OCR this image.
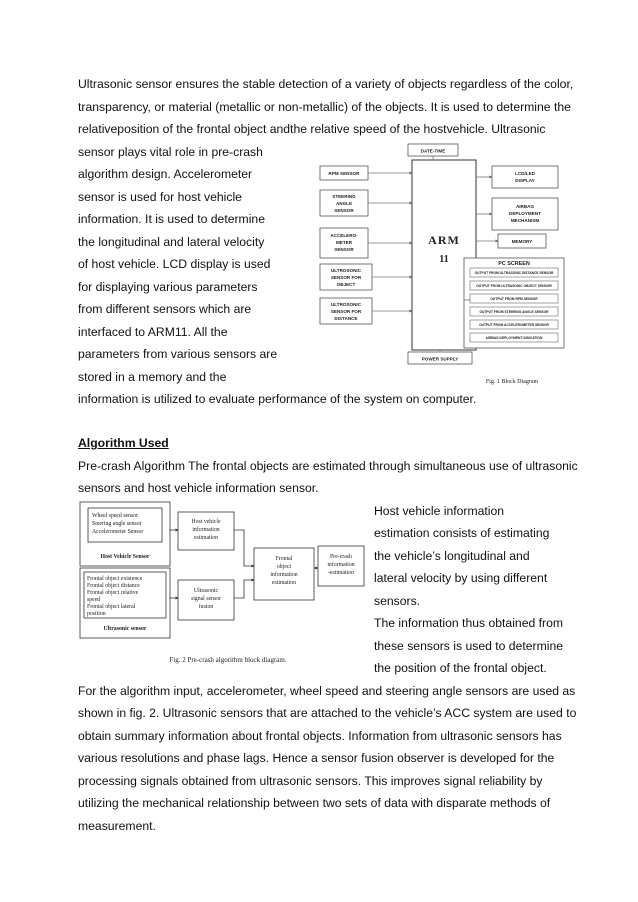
Ultrasonic sensor ensures the stable detection of a variety of objects regardless of the color,
transparency, or material (metallic or non-metallic) of the objects. It is used to determine the
relativeposition of the frontal object andthe relative speed of the hostvehicle. Ultrasonic
sensor plays vital role in pre-crash
algorithm design. Accelerometer
sensor is used for host vehicle
information. It is used to determine
the longitudinal and lateral velocity
of host vehicle. LCD display is used
for displaying various parameters
from different sensors which are
interfaced to ARM11. All the
parameters from various sensors are
stored in a memory and the
information is utilized to evaluate performance of the system on computer.
DATE-TIME
RPM SENSOR
STEERING
ANGLE
SENSOR
ACCELERO-
METER
SENSOR
ULTROSONIC
SENSOR FOR
OBJECT
ULTROSONIC
SENSOR FOR
DISTANCE
ARM
11
LCD/LED
DISPLAY
AIRBAG
DEPLOYMENT
MECHANISM
MEMORY
PC SCREEN
OUTPUT FROM ULTRASONIC DISTANCE SENSOR
OUTPUT FROM ULTRASONIC OBJECT SENSOR
OUTPUT FROM RPM SENSOR
OUTPUT FROM STEERING ANGLE SENSOR
OUTPUT FROM ACCELEROMETER SENSOR
AIRBAG DEPLOYMENT INDICATION
POWER SUPPLY
Fig. 1 Block Diagram
Algorithm Used
Pre-crash Algorithm The frontal objects are estimated through simultaneous use of ultrasonic
sensors and host vehicle information sensor.
Wheel speed sensor
Steering angle sensor
Accelerometer Sensor
Host Vehicle Sensor
Frontal object existence
Frontal object distance
Frontal object relative
speed
Frontal object lateral
position
Ultrasonic sensor
Host vehicle
information
estimation
Ultrasonic
signal sensor
fusion
Frontal
object
information
estimation
Pre-crash
information
-estimation
Fig. 2 Pre-crash algorithm block diagram.
Host vehicle information
estimation consists of estimating
the vehicle’s longitudinal and
lateral velocity by using different
sensors.
The information thus obtained from
these sensors is used to determine
the position of the frontal object.
For the algorithm input, accelerometer, wheel speed and steering angle sensors are used as
shown in fig. 2. Ultrasonic sensors that are attached to the vehicle’s ACC system are used to
obtain summary information about frontal objects. Information from ultrasonic sensors has
various resolutions and phase lags. Hence a sensor fusion observer is developed for the
processing signals obtained from ultrasonic sensors. This improves signal reliability by
utilizing the mechanical relationship between two sets of data with disparate methods of
measurement.
